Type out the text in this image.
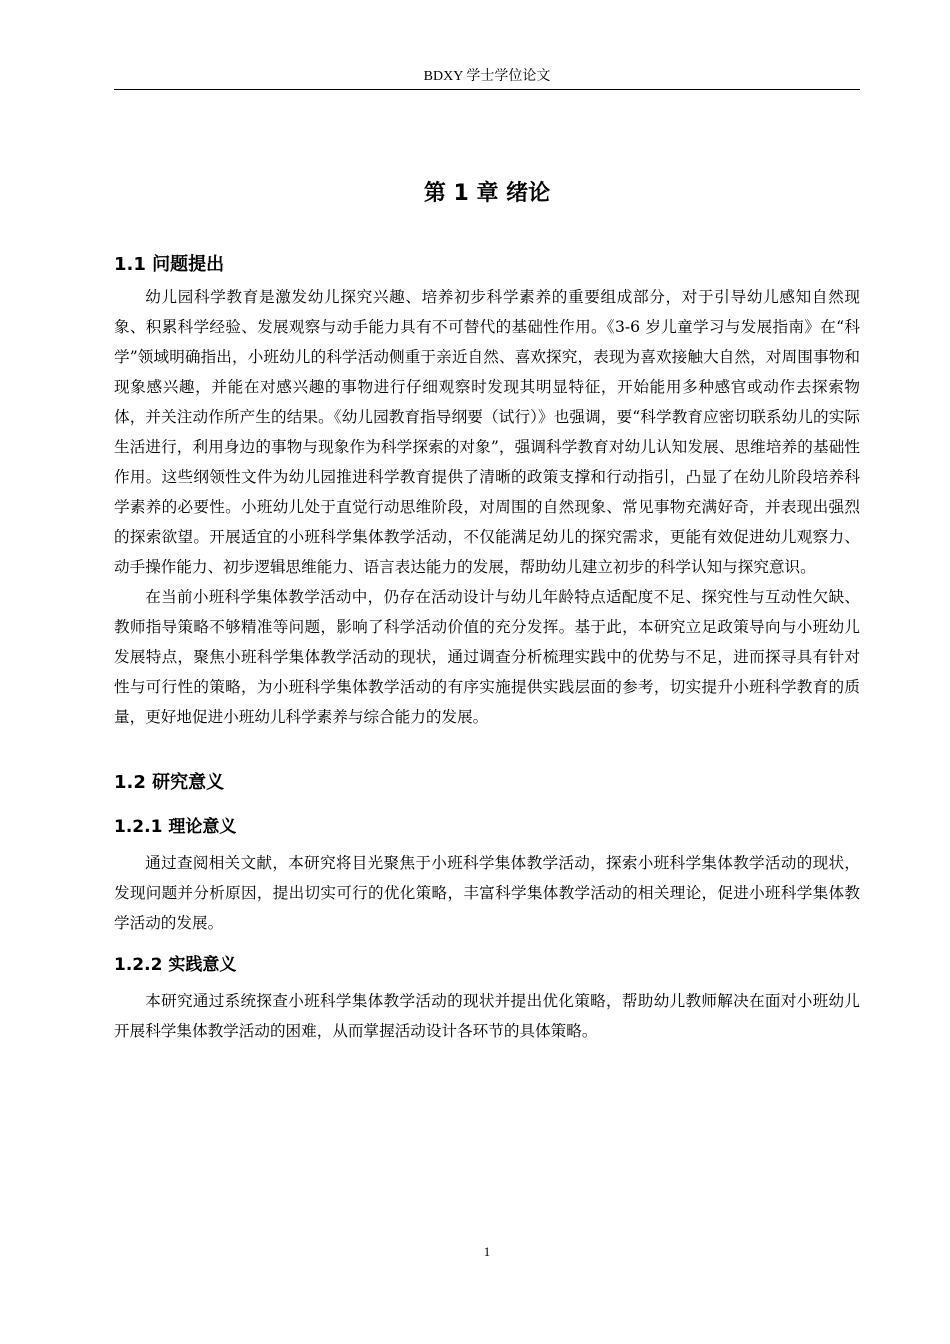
BDXY 学士学位论文
第 1 章 绪论
1.1 问题提出

幼儿园科学教育是激发幼儿探究兴趣、培养初步科学素养的重要组成部分，对于引导幼儿感知自然现象、积累科学经验、发展观察与动手能力具有不可替代的基础性作用。《3-6 岁儿童学习与发展指南》在“科学”领域明确指出，小班幼儿的科学活动侧重于亲近自然、喜欢探究，表现为喜欢接触大自然，对周围事物和现象感兴趣，并能在对感兴趣的事物进行仔细观察时发现其明显特征，开始能用多种感官或动作去探索物体，并关注动作所产生的结果。《幼儿园教育指导纲要（试行）》也强调，要“科学教育应密切联系幼儿的实际生活进行，利用身边的事物与现象作为科学探索的对象”，强调科学教育对幼儿认知发展、思维培养的基础性作用。这些纲领性文件为幼儿园推进科学教育提供了清晰的政策支撑和行动指引，凸显了在幼儿阶段培养科学素养的必要性。小班幼儿处于直觉行动思维阶段，对周围的自然现象、常见事物充满好奇，并表现出强烈的探索欲望。开展适宜的小班科学集体教学活动，不仅能满足幼儿的探究需求，更能有效促进幼儿观察力、动手操作能力、初步逻辑思维能力、语言表达能力的发展，帮助幼儿建立初步的科学认知与探究意识。

在当前小班科学集体教学活动中，仍存在活动设计与幼儿年龄特点适配度不足、探究性与互动性欠缺、教师指导策略不够精准等问题，影响了科学活动价值的充分发挥。基于此，本研究立足政策导向与小班幼儿发展特点，聚焦小班科学集体教学活动的现状，通过调查分析梳理实践中的优势与不足，进而探寻具有针对性与可行性的策略，为小班科学集体教学活动的有序实施提供实践层面的参考，切实提升小班科学教育的质量，更好地促进小班幼儿科学素养与综合能力的发展。

1.2 研究意义
1.2.1 理论意义

通过查阅相关文献，本研究将目光聚焦于小班科学集体教学活动，探索小班科学集体教学活动的现状，发现问题并分析原因，提出切实可行的优化策略，丰富科学集体教学活动的相关理论，促进小班科学集体教学活动的发展。

1.2.2 实践意义

本研究通过系统探查小班科学集体教学活动的现状并提出优化策略，帮助幼儿教师解决在面对小班幼儿开展科学集体教学活动的困难，从而掌握活动设计各环节的具体策略。

1
